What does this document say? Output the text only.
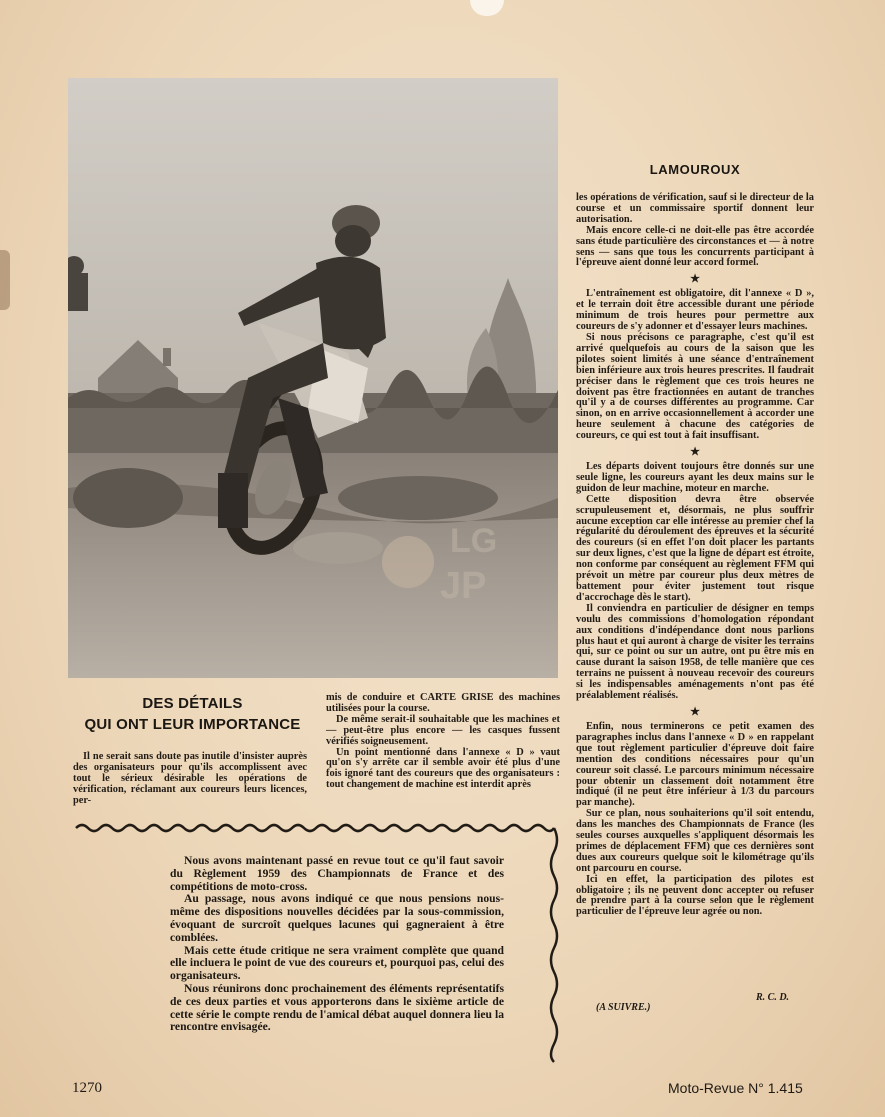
LG
JP
DES DÉTAILS
QUI ONT LEUR IMPORTANCE

Il ne serait sans doute pas inutile d'insister auprès des organisateurs pour qu'ils accomplissent avec tout le sérieux désirable les opérations de vérification, réclamant aux coureurs leurs licences, per-

mis de conduire et CARTE GRISE des machines utilisées pour la course.

De même serait-il souhaitable que les machines et — peut-être plus encore — les casques fussent vérifiés soigneusement.

Un point mentionné dans l'annexe « D » vaut qu'on s'y arrête car il semble avoir été plus d'une fois ignoré tant des coureurs que des organisateurs : tout changement de machine est interdit après

LAMOUROUX

les opérations de vérification, sauf si le directeur de la course et un commissaire sportif donnent leur autorisation.

Mais encore celle-ci ne doit-elle pas être accordée sans étude particulière des circonstances et — à notre sens — sans que tous les concurrents participant à l'épreuve aient donné leur accord formel.

★

L'entraînement est obligatoire, dit l'annexe « D », et le terrain doit être accessible durant une période minimum de trois heures pour permettre aux coureurs de s'y adonner et d'essayer leurs machines.

Si nous précisons ce paragraphe, c'est qu'il est arrivé quelquefois au cours de la saison que les pilotes soient limités à une séance d'entraînement bien inférieure aux trois heures prescrites. Il faudrait préciser dans le règlement que ces trois heures ne doivent pas être fractionnées en autant de tranches qu'il y a de courses différentes au programme. Car sinon, on en arrive occasionnellement à accorder une heure seulement à chacune des catégories de coureurs, ce qui est tout à fait insuffisant.

★

Les départs doivent toujours être donnés sur une seule ligne, les coureurs ayant les deux mains sur le guidon de leur machine, moteur en marche.

Cette disposition devra être observée scrupuleusement et, désormais, ne plus souffrir aucune exception car elle intéresse au premier chef la régularité du déroulement des épreuves et la sécurité des coureurs (si en effet l'on doit placer les partants sur deux lignes, c'est que la ligne de départ est étroite, non conforme par conséquent au règlement FFM qui prévoit un mètre par coureur plus deux mètres de battement pour éviter justement tout risque d'accrochage dès le start).

Il conviendra en particulier de désigner en temps voulu des commissions d'homologation répondant aux conditions d'indépendance dont nous parlions plus haut et qui auront à charge de visiter les terrains qui, sur ce point ou sur un autre, ont pu être mis en cause durant la saison 1958, de telle manière que ces terrains ne puissent à nouveau recevoir des coureurs si les indispensables aménagements n'ont pas été préalablement réalisés.

★

Enfin, nous terminerons ce petit examen des paragraphes inclus dans l'annexe « D » en rappelant que tout règlement particulier d'épreuve doit faire mention des conditions nécessaires pour qu'un coureur soit classé. Le parcours minimum nécessaire pour obtenir un classement doit notamment être indiqué (il ne peut être inférieur à 1/3 du parcours par manche).

Sur ce plan, nous souhaiterions qu'il soit entendu, dans les manches des Championnats de France (les seules courses auxquelles s'appliquent désormais les primes de déplacement FFM) que ces dernières sont dues aux coureurs quelque soit le kilométrage qu'ils ont parcouru en course.

Ici en effet, la participation des pilotes est obligatoire ; ils ne peuvent donc accepter ou refuser de prendre part à la course selon que le règlement particulier de l'épreuve leur agrée ou non.

R. C. D.
(A SUIVRE.)

Nous avons maintenant passé en revue tout ce qu'il faut savoir du Règlement 1959 des Championnats de France et des compétitions de moto-cross.

Au passage, nous avons indiqué ce que nous pensions nous-même des dispositions nouvelles décidées par la sous-commission, évoquant de surcroît quelques lacunes qui gagneraient à être comblées.

Mais cette étude critique ne sera vraiment complète que quand elle incluera le point de vue des coureurs et, pourquoi pas, celui des organisateurs.

Nous réunirons donc prochainement des éléments représentatifs de ces deux parties et vous apporterons dans le sixième article de cette série le compte rendu de l'amical débat auquel donnera lieu la rencontre envisagée.

1270	Moto-Revue N° 1.415
